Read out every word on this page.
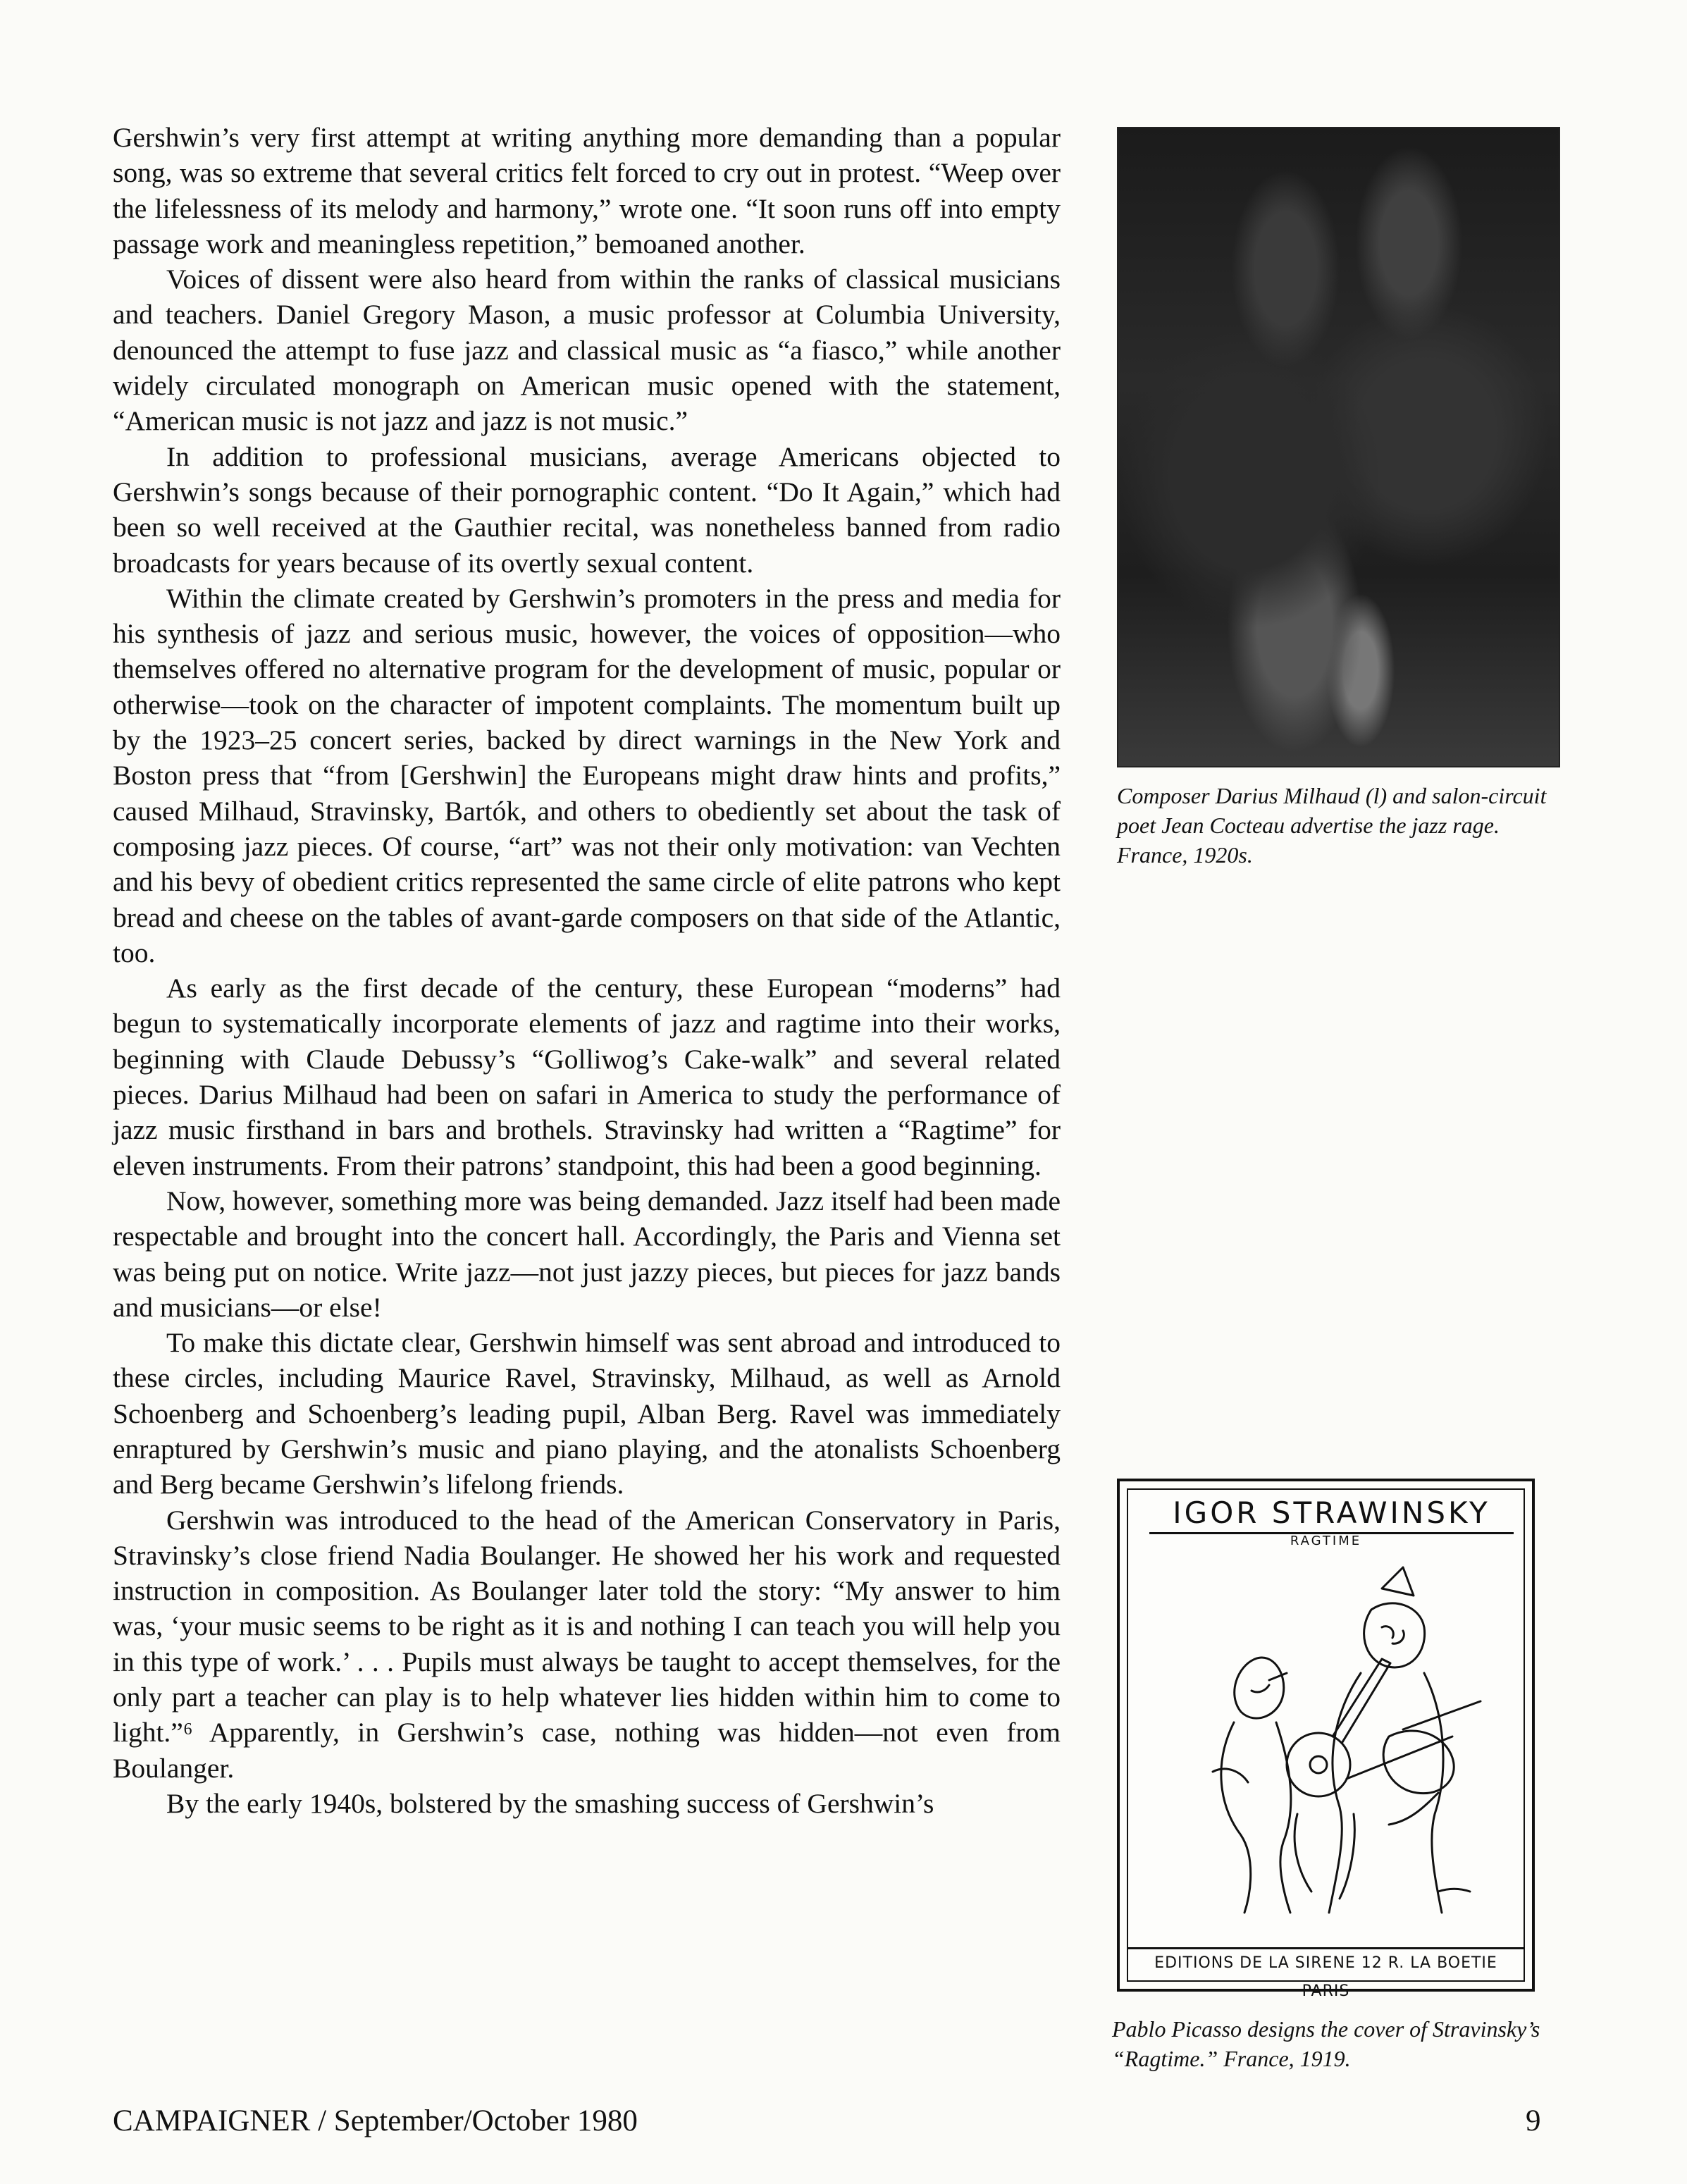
Gershwin’s very first attempt at writing anything more demanding than a popular song, was so extreme that several critics felt forced to cry out in protest. “Weep over the lifelessness of its melody and harmony,” wrote one. “It soon runs off into empty passage work and meaningless repetition,” bemoaned another.

Voices of dissent were also heard from within the ranks of classical musicians and teachers. Daniel Gregory Mason, a music professor at Columbia University, denounced the attempt to fuse jazz and classical music as “a fiasco,” while another widely circulated monograph on American music opened with the statement, “American music is not jazz and jazz is not music.”

In addition to professional musicians, average Americans objected to Gershwin’s songs because of their pornographic content. “Do It Again,” which had been so well received at the Gauthier recital, was nonetheless banned from radio broadcasts for years because of its overtly sexual content.

Within the climate created by Gershwin’s promoters in the press and media for his synthesis of jazz and serious music, however, the voices of opposition—who themselves offered no alternative program for the development of music, popular or otherwise—took on the character of impotent complaints. The momentum built up by the 1923–25 concert series, backed by direct warnings in the New York and Boston press that “from [Gershwin] the Europeans might draw hints and profits,” caused Milhaud, Stravinsky, Bartók, and others to obediently set about the task of composing jazz pieces. Of course, “art” was not their only motivation: van Vechten and his bevy of obedient critics represented the same circle of elite patrons who kept bread and cheese on the tables of avant-garde composers on that side of the Atlantic, too.

As early as the first decade of the century, these European “moderns” had begun to systematically incorporate elements of jazz and ragtime into their works, beginning with Claude Debussy’s “Golliwog’s Cake-walk” and several related pieces. Darius Milhaud had been on safari in America to study the performance of jazz music firsthand in bars and brothels. Stravinsky had written a “Ragtime” for eleven instruments. From their patrons’ standpoint, this had been a good beginning.

Now, however, something more was being demanded. Jazz itself had been made respectable and brought into the concert hall. Accordingly, the Paris and Vienna set was being put on notice. Write jazz—not just jazzy pieces, but pieces for jazz bands and musicians—or else!

To make this dictate clear, Gershwin himself was sent abroad and introduced to these circles, including Maurice Ravel, Stravinsky, Milhaud, as well as Arnold Schoenberg and Schoenberg’s leading pupil, Alban Berg. Ravel was immediately enraptured by Gershwin’s music and piano playing, and the atonalists Schoenberg and Berg became Gershwin’s lifelong friends.

Gershwin was introduced to the head of the American Conservatory in Paris, Stravinsky’s close friend Nadia Boulanger. He showed her his work and requested instruction in composition. As Boulanger later told the story: “My answer to him was, ‘your music seems to be right as it is and nothing I can teach you will help you in this type of work.’ . . . Pupils must always be taught to accept themselves, for the only part a teacher can play is to help whatever lies hidden within him to come to light.”⁶ Apparently, in Gershwin’s case, nothing was hidden—not even from Boulanger.

By the early 1940s, bolstered by the smashing success of Gershwin’s

Composer Darius Milhaud (l) and salon-circuit poet Jean Cocteau advertise the jazz rage. France, 1920s.
IGOR STRAWINSKY
RAGTIME
EDITIONS DE LA SIRENE 12 R. LA BOETIE PARIS
Pablo Picasso designs the cover of Stravinsky’s “Ragtime.” France, 1919.
CAMPAIGNER / September/October 1980	9
